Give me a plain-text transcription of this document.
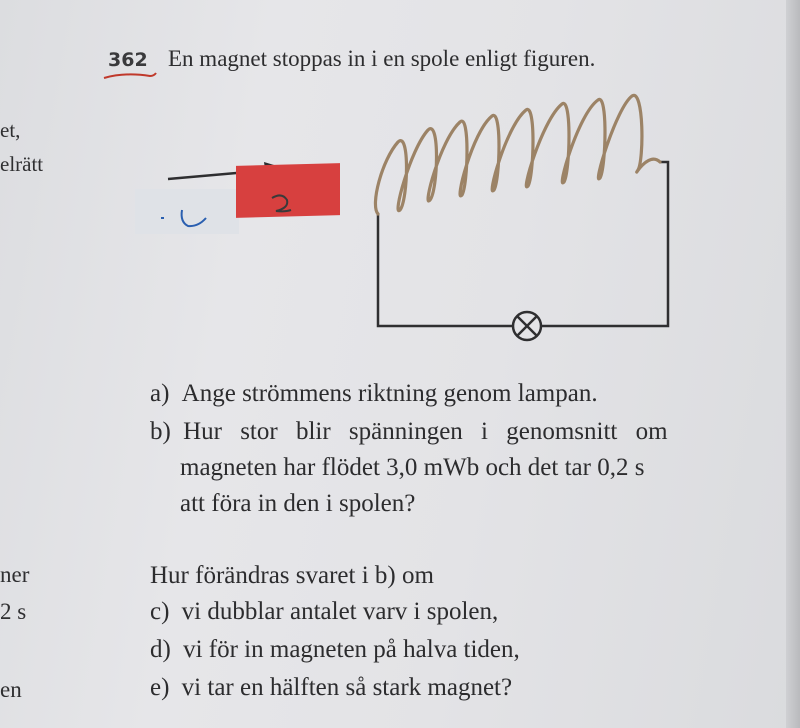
et,
elrätt
ner
2 s
en
362 En magnet stoppas in i en spole enligt figuren.
a) Ange strömmens riktning genom lampan.
b) Hur stor blir spänningen i genomsnitt om
magneten har flödet 3,0 mWb och det tar 0,2 s
att föra in den i spolen?
Hur förändras svaret i b) om
c) vi dubblar antalet varv i spolen,
d) vi för in magneten på halva tiden,
e) vi tar en hälften så stark magnet?
